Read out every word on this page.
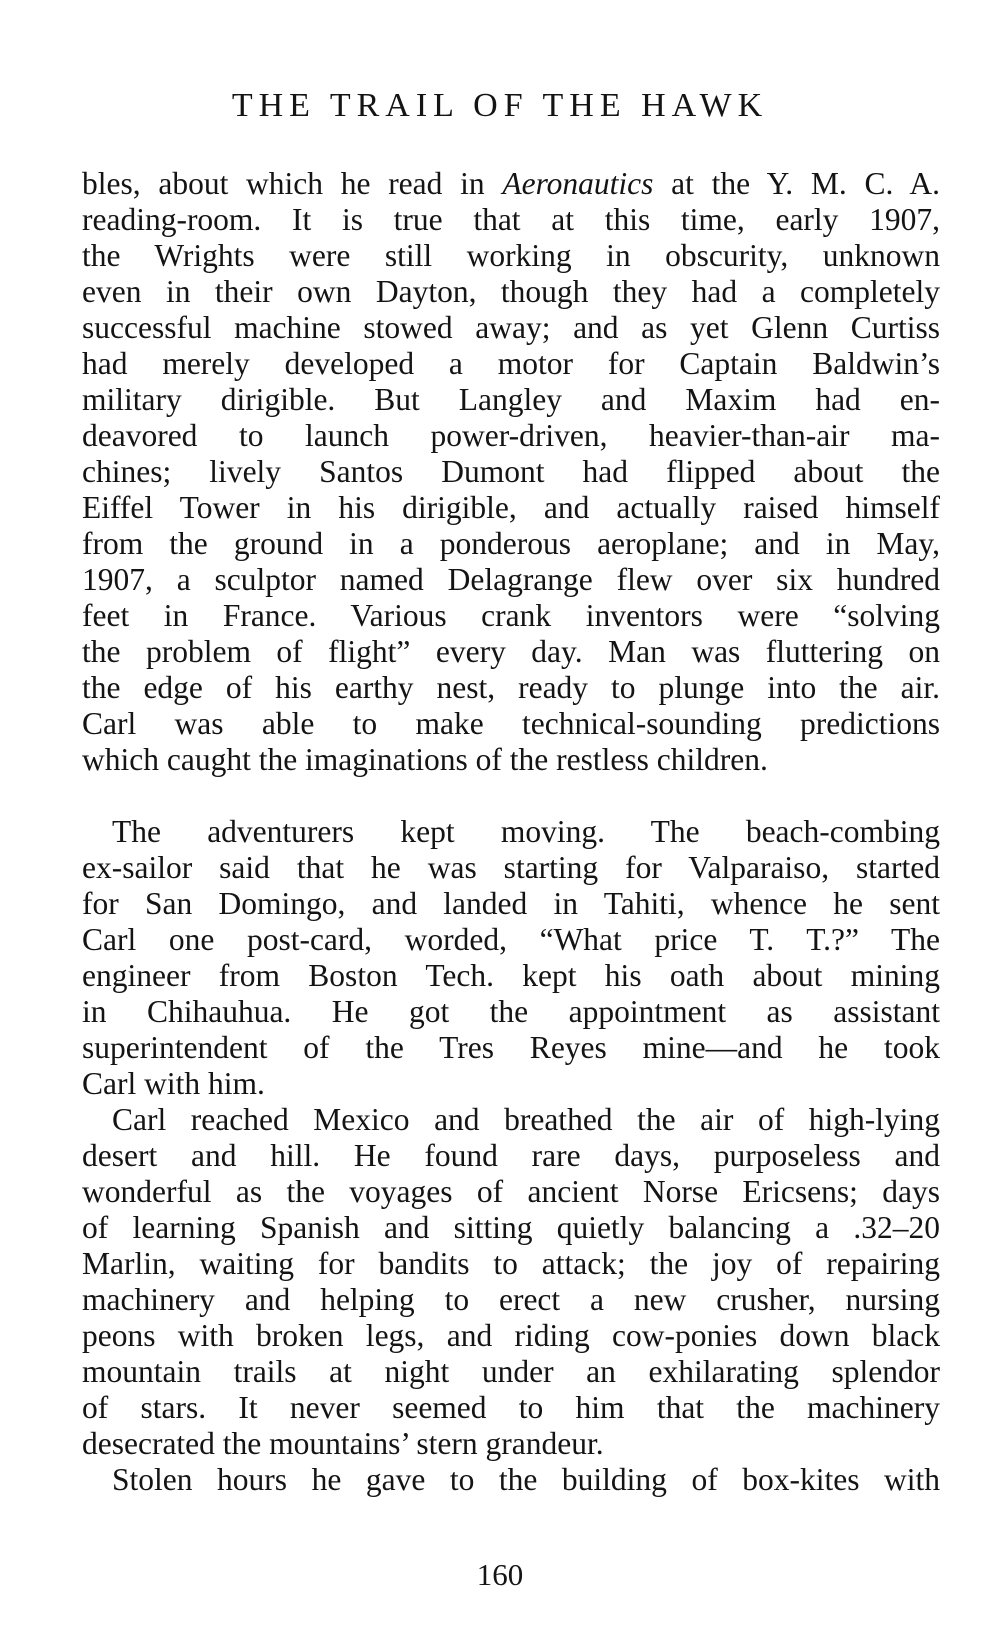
THE TRAIL OF THE HAWK
bles, about which he read in Aeronautics at the Y. M. C. A.
reading-room. It is true that at this time, early 1907,
the Wrights were still working in obscurity, unknown
even in their own Dayton, though they had a completely
successful machine stowed away; and as yet Glenn Curtiss
had merely developed a motor for Captain Baldwin’s
military dirigible. But Langley and Maxim had en-
deavored to launch power-driven, heavier-than-air ma-
chines; lively Santos Dumont had flipped about the
Eiffel Tower in his dirigible, and actually raised himself
from the ground in a ponderous aeroplane; and in May,
1907, a sculptor named Delagrange flew over six hundred
feet in France. Various crank inventors were “solving
the problem of flight” every day. Man was fluttering on
the edge of his earthy nest, ready to plunge into the air.
Carl was able to make technical-sounding predictions
which caught the imaginations of the restless children.
The adventurers kept moving. The beach-combing
ex-sailor said that he was starting for Valparaiso, started
for San Domingo, and landed in Tahiti, whence he sent
Carl one post-card, worded, “What price T. T.?” The
engineer from Boston Tech. kept his oath about mining
in Chihauhua. He got the appointment as assistant
superintendent of the Tres Reyes mine—and he took
Carl with him.
Carl reached Mexico and breathed the air of high-lying
desert and hill. He found rare days, purposeless and
wonderful as the voyages of ancient Norse Ericsens; days
of learning Spanish and sitting quietly balancing a .32–20
Marlin, waiting for bandits to attack; the joy of repairing
machinery and helping to erect a new crusher, nursing
peons with broken legs, and riding cow-ponies down black
mountain trails at night under an exhilarating splendor
of stars. It never seemed to him that the machinery
desecrated the mountains’ stern grandeur.
Stolen hours he gave to the building of box-kites with
160
